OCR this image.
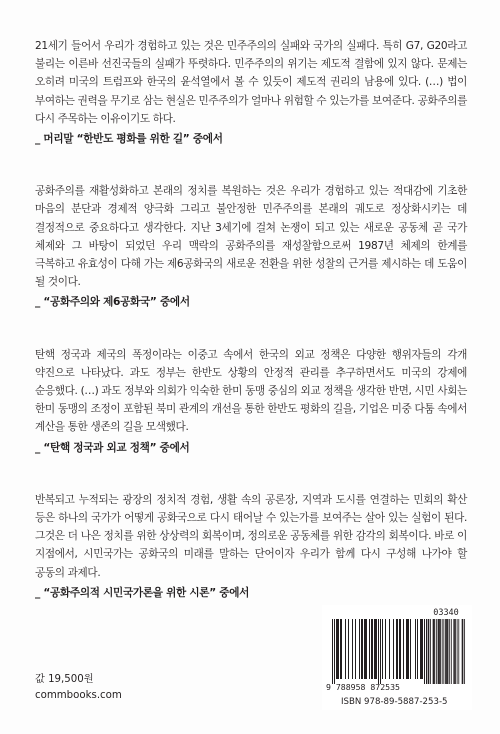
21세기 들어서 우리가 경험하고 있는 것은 민주주의의 실패와 국가의 실패다. 특히 G7, G20라고 불리는 이른바 선진국들의 실패가 뚜렷하다. 민주주의의 위기는 제도적 결함에 있지 않다. 문제는 오히려 미국의 트럼프와 한국의 윤석열에서 볼 수 있듯이 제도적 권리의 남용에 있다. (…) 법이 부여하는 권력을 무기로 삼는 현실은 민주주의가 얼마나 위험할 수 있는가를 보여준다. 공화주의를 다시 주목하는 이유이기도 하다.

_ 머리말 “한반도 평화를 위한 길” 중에서

공화주의를 재활성화하고 본래의 정치를 복원하는 것은 우리가 경험하고 있는 적대감에 기초한 마음의 분단과 경제적 양극화 그리고 불안정한 민주주의를 본래의 궤도로 정상화시키는 데 결정적으로 중요하다고 생각한다. 지난 3세기에 걸쳐 논쟁이 되고 있는 새로운 공동체 곧 국가 체제와 그 바탕이 되었던 우리 맥락의 공화주의를 재성찰함으로써 1987년 체제의 한계를 극복하고 유효성이 다해 가는 제6공화국의 새로운 전환을 위한 성찰의 근거를 제시하는 데 도움이 될 것이다.

_ “공화주의와 제6공화국” 중에서

탄핵 정국과 제국의 폭정이라는 이중고 속에서 한국의 외교 정책은 다양한 행위자들의 각개 약진으로 나타났다. 과도 정부는 한반도 상황의 안정적 관리를 추구하면서도 미국의 강제에 순응했다. (…) 과도 정부와 의회가 익숙한 한미 동맹 중심의 외교 정책을 생각한 반면, 시민 사회는 한미 동맹의 조정이 포함된 북미 관계의 개선을 통한 한반도 평화의 길을, 기업은 미중 다툼 속에서 계산을 통한 생존의 길을 모색했다.

_ “탄핵 정국과 외교 정책” 중에서

반복되고 누적되는 광장의 정치적 경험, 생활 속의 공론장, 지역과 도시를 연결하는 민회의 확산 등은 하나의 국가가 어떻게 공화국으로 다시 태어날 수 있는가를 보여주는 살아 있는 실험이 된다. 그것은 더 나은 정치를 위한 상상력의 회복이며, 정의로운 공동체를 위한 감각의 회복이다. 바로 이 지점에서, 시민국가는 공화국의 미래를 말하는 단어이자 우리가 함께 다시 구성해 나가야 할 공동의 과제다.

_ “공화주의적 시민국가론을 위한 시론” 중에서

값 19,500원
commbooks.com
03340
9 788958 872535
ISBN 978-89-5887-253-5
